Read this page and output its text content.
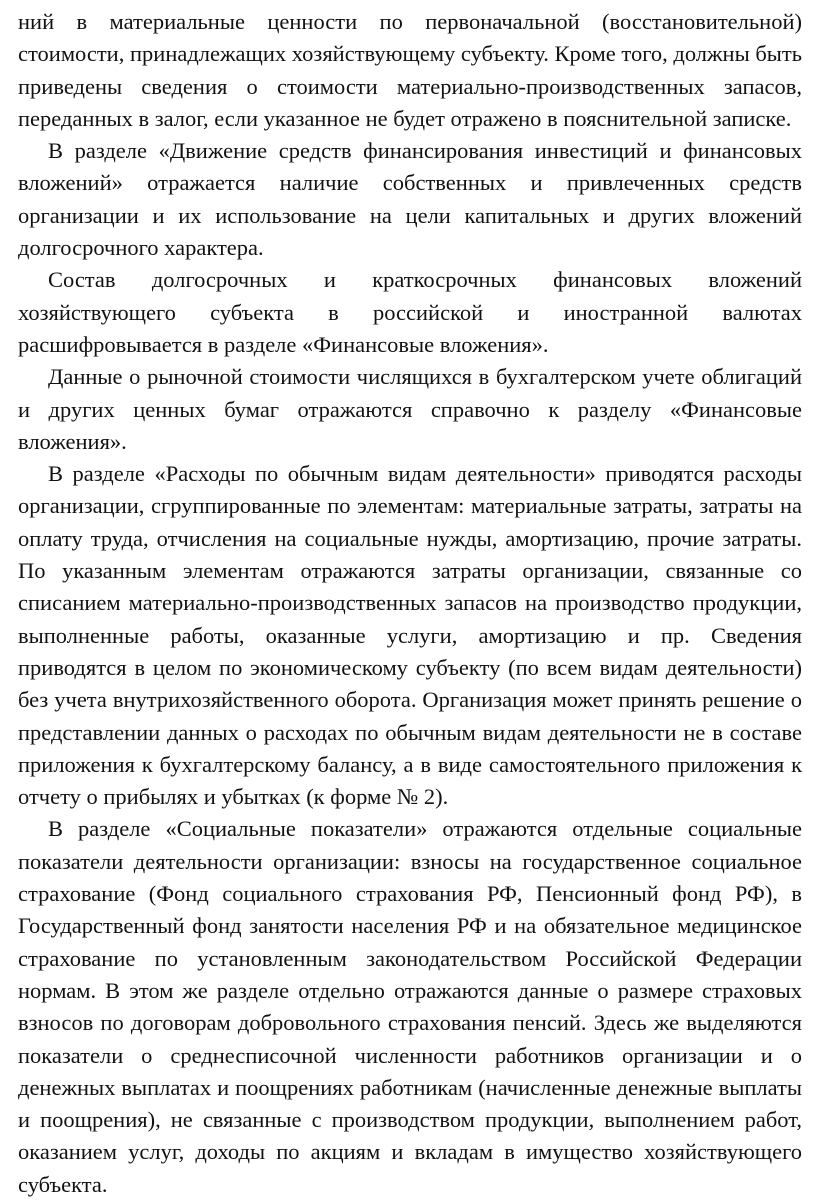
ний в материальные ценности по первоначальной (восстановительной) стоимости, принадлежащих хозяйствующему субъекту. Кроме того, должны быть приведены сведения о стоимости материально-производственных запасов, переданных в залог, если указанное не будет отражено в пояснительной записке.

В разделе «Движение средств финансирования инвестиций и финансовых вложений» отражается наличие собственных и привлеченных средств организации и их использование на цели капитальных и других вложений долгосрочного характера.

Состав долгосрочных и краткосрочных финансовых вложений хозяйствующего субъекта в российской и иностранной валютах расшифровывается в разделе «Финансовые вложения».

Данные о рыночной стоимости числящихся в бухгалтерском учете облигаций и других ценных бумаг отражаются справочно к разделу «Финансовые вложения».

В разделе «Расходы по обычным видам деятельности» приводятся расходы организации, сгруппированные по элементам: материальные затраты, затраты на оплату труда, отчисления на социальные нужды, амортизацию, прочие затраты. По указанным элементам отражаются затраты организации, связанные со списанием материально-производственных запасов на производство продукции, выполненные работы, оказанные услуги, амортизацию и пр. Сведения приводятся в целом по экономическому субъекту (по всем видам деятельности) без учета внутрихозяйственного оборота. Организация может принять решение о представлении данных о расходах по обычным видам деятельности не в составе приложения к бухгалтерскому балансу, а в виде самостоятельного приложения к отчету о прибылях и убытках (к форме № 2).

В разделе «Социальные показатели» отражаются отдельные социальные показатели деятельности организации: взносы на государственное социальное страхование (Фонд социального страхования РФ, Пенсионный фонд РФ), в Государственный фонд занятости населения РФ и на обязательное медицинское страхование по установленным законодательством Российской Федерации нормам. В этом же разделе отдельно отражаются данные о размере страховых взносов по договорам добровольного страхования пенсий. Здесь же выделяются показатели о среднесписочной численности работников организации и о денежных выплатах и поощрениях работникам (начисленные денежные выплаты и поощрения), не связанные с производством продукции, выполнением работ, оказанием услуг, доходы по акциям и вкладам в имущество хозяйствующего субъекта.
